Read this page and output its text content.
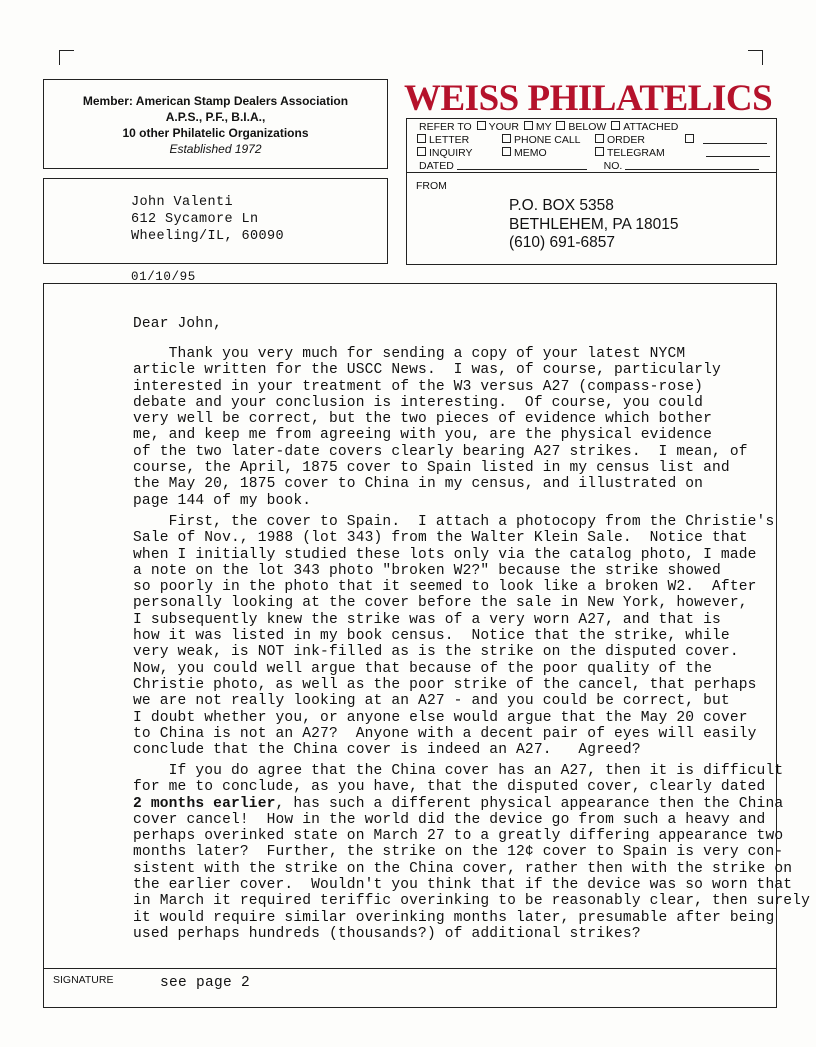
Member: American Stamp Dealers Association
A.P.S., P.F., B.I.A.,
10 other Philatelic Organizations
Established 1972
WEISS PHILATELICS
REFER TO YOUR MY BELOW ATTACHED
LETTER	PHONE CALL	ORDER
INQUIRY	MEMO	TELEGRAM
DATED	NO.
John Valenti
612 Sycamore Ln
Wheeling/IL, 60090
FROM
P.O. BOX 5358
BETHLEHEM, PA 18015
(610) 691-6857
01/10/95
SIGNATURE	see page 2
Dear John,
Thank you very much for sending a copy of your latest NYCM
article written for the USCC News.  I was, of course, particularly
interested in your treatment of the W3 versus A27 (compass-rose)
debate and your conclusion is interesting.  Of course, you could
very well be correct, but the two pieces of evidence which bother
me, and keep me from agreeing with you, are the physical evidence
of the two later-date covers clearly bearing A27 strikes.  I mean, of
course, the April, 1875 cover to Spain listed in my census list and
the May 20, 1875 cover to China in my census, and illustrated on
page 144 of my book.
First, the cover to Spain.  I attach a photocopy from the Christie's
Sale of Nov., 1988 (lot 343) from the Walter Klein Sale.  Notice that
when I initially studied these lots only via the catalog photo, I made
a note on the lot 343 photo "broken W2?" because the strike showed
so poorly in the photo that it seemed to look like a broken W2.  After
personally looking at the cover before the sale in New York, however,
I subsequently knew the strike was of a very worn A27, and that is
how it was listed in my book census.  Notice that the strike, while
very weak, is NOT ink-filled as is the strike on the disputed cover.
Now, you could well argue that because of the poor quality of the
Christie photo, as well as the poor strike of the cancel, that perhaps
we are not really looking at an A27 - and you could be correct, but
I doubt whether you, or anyone else would argue that the May 20 cover
to China is not an A27?  Anyone with a decent pair of eyes will easily
conclude that the China cover is indeed an A27.   Agreed?
If you do agree that the China cover has an A27, then it is difficult
for me to conclude, as you have, that the disputed cover, clearly dated
2 months earlier, has such a different physical appearance then the China
cover cancel!  How in the world did the device go from such a heavy and
perhaps overinked state on March 27 to a greatly differing appearance two
months later?  Further, the strike on the 12¢ cover to Spain is very con-
sistent with the strike on the China cover, rather then with the strike on
the earlier cover.  Wouldn't you think that if the device was so worn that
in March it required teriffic overinking to be reasonably clear, then surely
it would require similar overinking months later, presumable after being
used perhaps hundreds (thousands?) of additional strikes?
